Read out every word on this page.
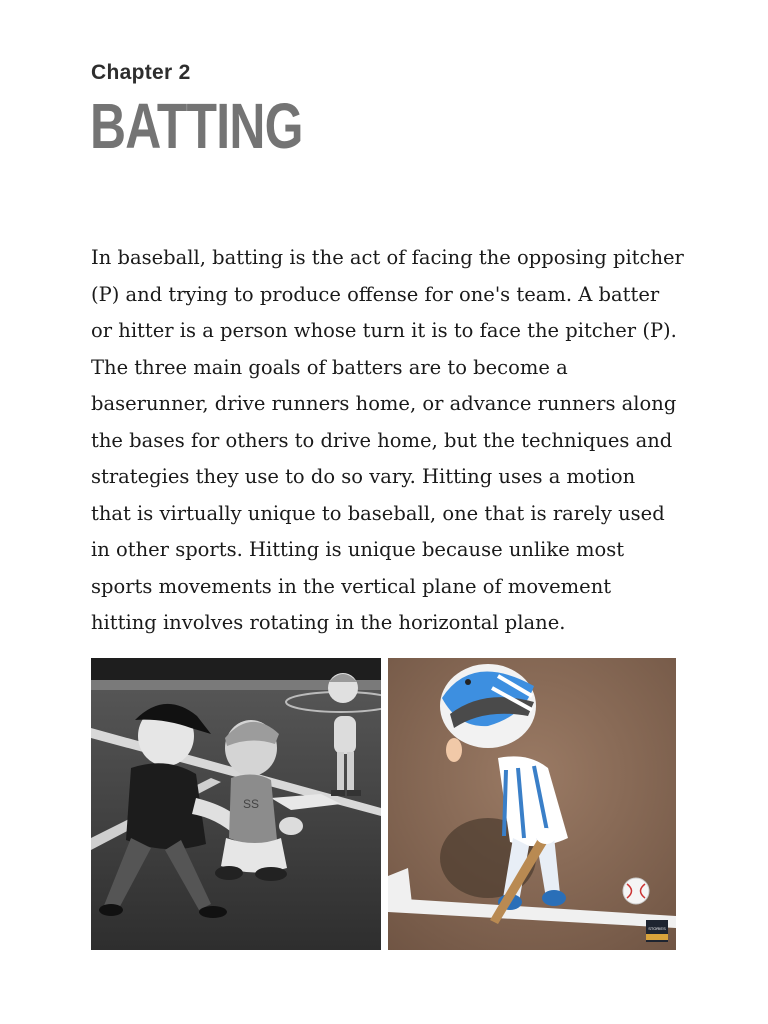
Chapter 2
BATTING
In baseball, batting is the act of facing the opposing pitcher
(P) and trying to produce offense for one's team. A batter
or hitter is a person whose turn it is to face the pitcher (P).
The three main goals of batters are to become a
baserunner, drive runners home, or advance runners along
the bases for others to drive home, but the techniques and
strategies they use to do so vary. Hitting uses a motion
that is virtually unique to baseball, one that is rarely used
in other sports. Hitting is unique because unlike most
sports movements in the vertical plane of movement
hitting involves rotating in the horizontal plane.
SS
STORIES
